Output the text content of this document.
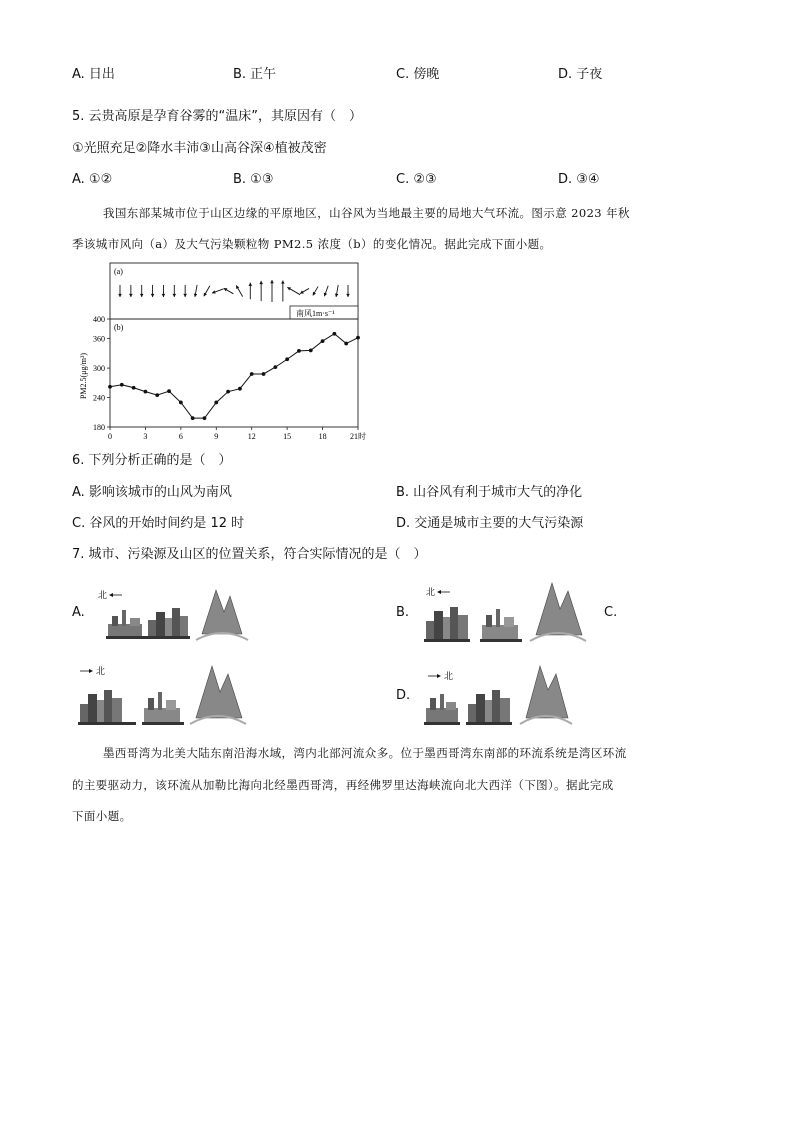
A. 日出	B. 正午	C. 傍晚	D. 子夜
5. 云贵高原是孕育谷雾的“温床”，其原因有（　）
①光照充足②降水丰沛③山高谷深④植被茂密
A. ①②	B. ①③	C. ②③	D. ③④
我国东部某城市位于山区边缘的平原地区，山谷风为当地最主要的局地大气环流。图示意 2023 年秋
季该城市风向（a）及大气污染颗粒物 PM2.5 浓度（b）的变化情况。据此完成下面小题。
(a)
南风1m·s⁻¹
(b)
PM2.5(μg/m³)
180
240
300
360
400
0	3	6	9	12	15	18	21时
6. 下列分析正确的是（　）
A. 影响该城市的山风为南风	B. 山谷风有利于城市大气的净化
C. 谷风的开始时间约是 12 时	D. 交通是城市主要的大气污染源
7. 城市、污染源及山区的位置关系，符合实际情况的是（　）
A.	B.	C.
D.
北	北
北	北
墨西哥湾为北美大陆东南沿海水域，湾内北部河流众多。位于墨西哥湾东南部的环流系统是湾区环流
的主要驱动力，该环流从加勒比海向北经墨西哥湾，再经佛罗里达海峡流向北大西洋（下图）。据此完成
下面小题。
